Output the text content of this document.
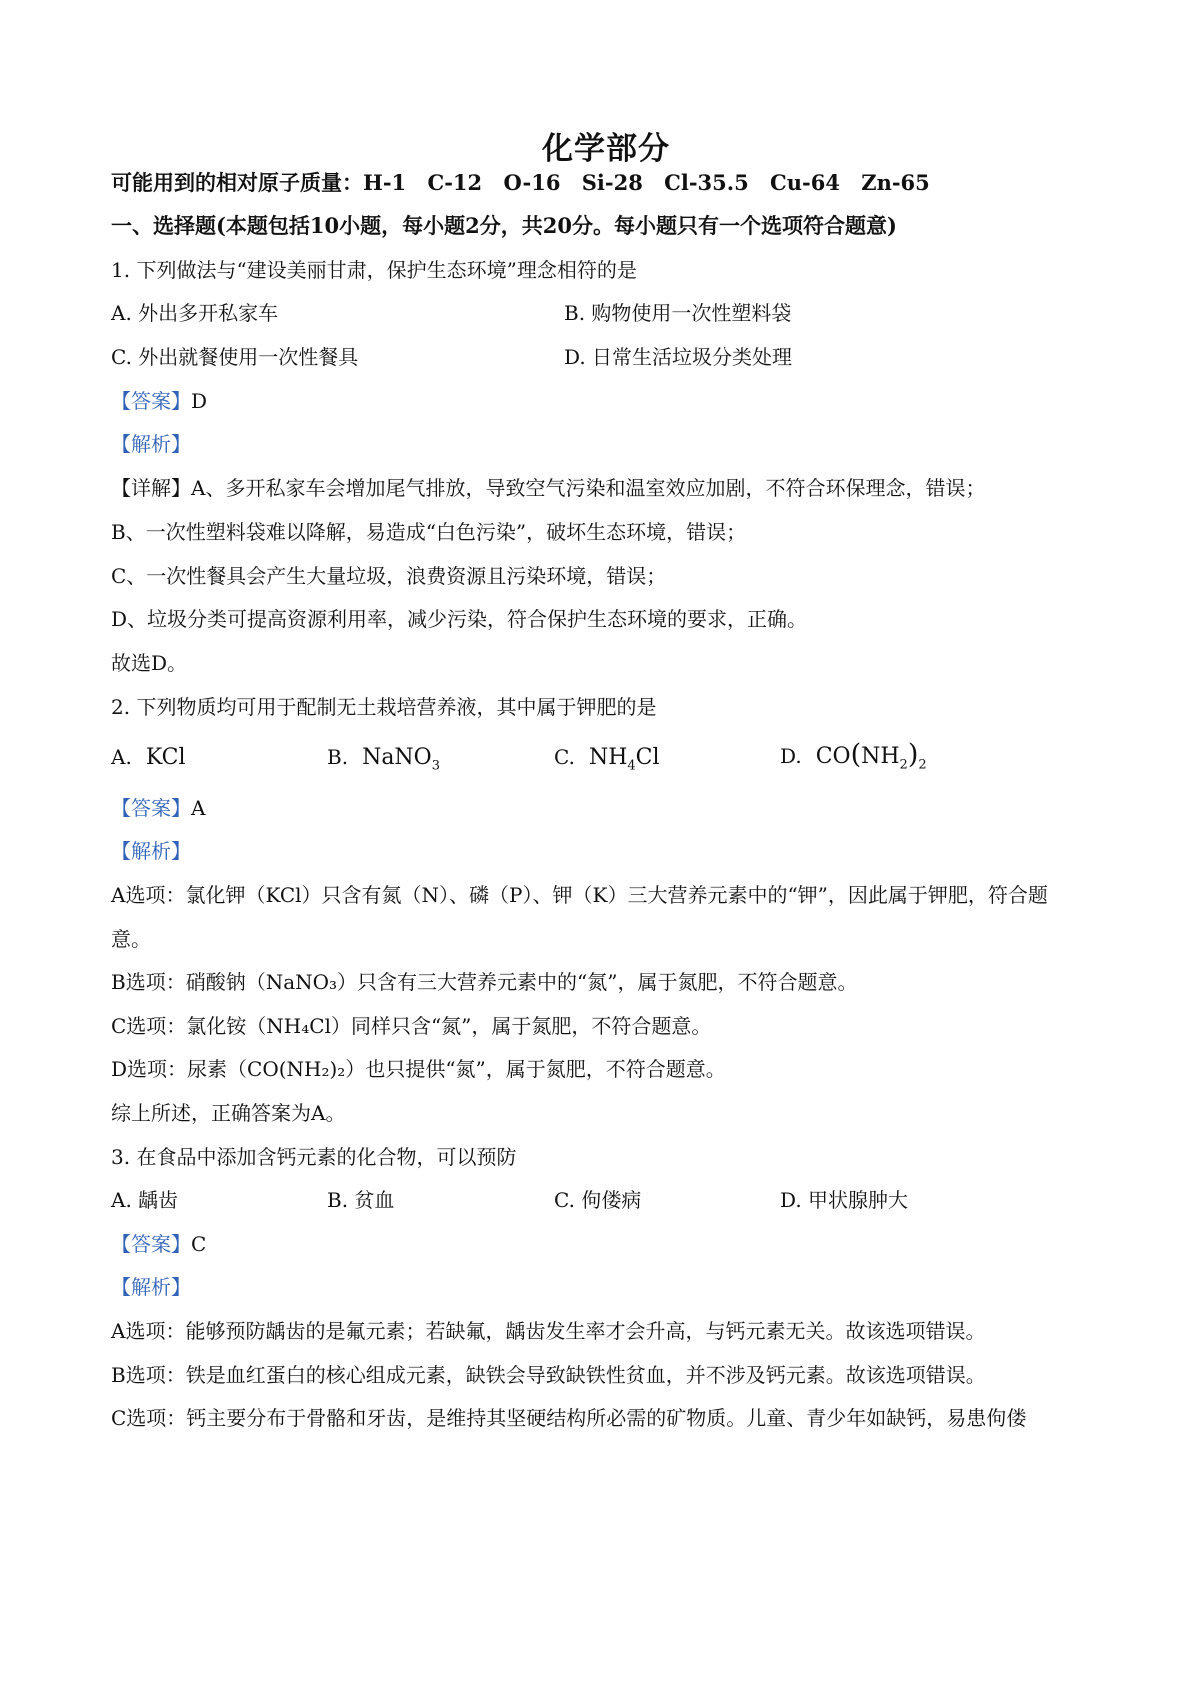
化学部分
可能用到的相对原子质量：H-1 C-12 O-16 Si-28 Cl-35.5 Cu-64 Zn-65
一、选择题(本题包括10小题，每小题2分，共20分。每小题只有一个选项符合题意)
1. 下列做法与“建设美丽甘肃，保护生态环境”理念相符的是
A. 外出多开私家车	B. 购物使用一次性塑料袋
C. 外出就餐使用一次性餐具	D. 日常生活垃圾分类处理
【答案】D
【解析】
【详解】A、多开私家车会增加尾气排放，导致空气污染和温室效应加剧，不符合环保理念，错误；
B、一次性塑料袋难以降解，易造成“白色污染”，破坏生态环境，错误；
C、一次性餐具会产生大量垃圾，浪费资源且污染环境，错误；
D、垃圾分类可提高资源利用率，减少污染，符合保护生态环境的要求，正确。
故选D。
2. 下列物质均可用于配制无土栽培营养液，其中属于钾肥的是
A. KCl	B. NaNO$_3$	C. $NH_4Cl$	D. $CO(NH_2)_2$
【答案】A
【解析】
A选项：氯化钾（KCl）只含有氮（N）、磷（P）、钾（K）三大营养元素中的“钾”，因此属于钾肥，符合题
意。
B选项：硝酸钠（NaNO₃）只含有三大营养元素中的“氮”，属于氮肥，不符合题意。
C选项：氯化铵（NH₄Cl）同样只含“氮”，属于氮肥，不符合题意。
D选项：尿素（CO(NH₂)₂）也只提供“氮”，属于氮肥，不符合题意。
综上所述，正确答案为A。
3. 在食品中添加含钙元素的化合物，可以预防
A. 龋齿	B. 贫血	C. 佝偻病	D. 甲状腺肿大
【答案】C
【解析】
A选项：能够预防龋齿的是氟元素；若缺氟，龋齿发生率才会升高，与钙元素无关。故该选项错误。
B选项：铁是血红蛋白的核心组成元素，缺铁会导致缺铁性贫血，并不涉及钙元素。故该选项错误。
C选项：钙主要分布于骨骼和牙齿，是维持其坚硬结构所必需的矿物质。儿童、青少年如缺钙，易患佝偻
